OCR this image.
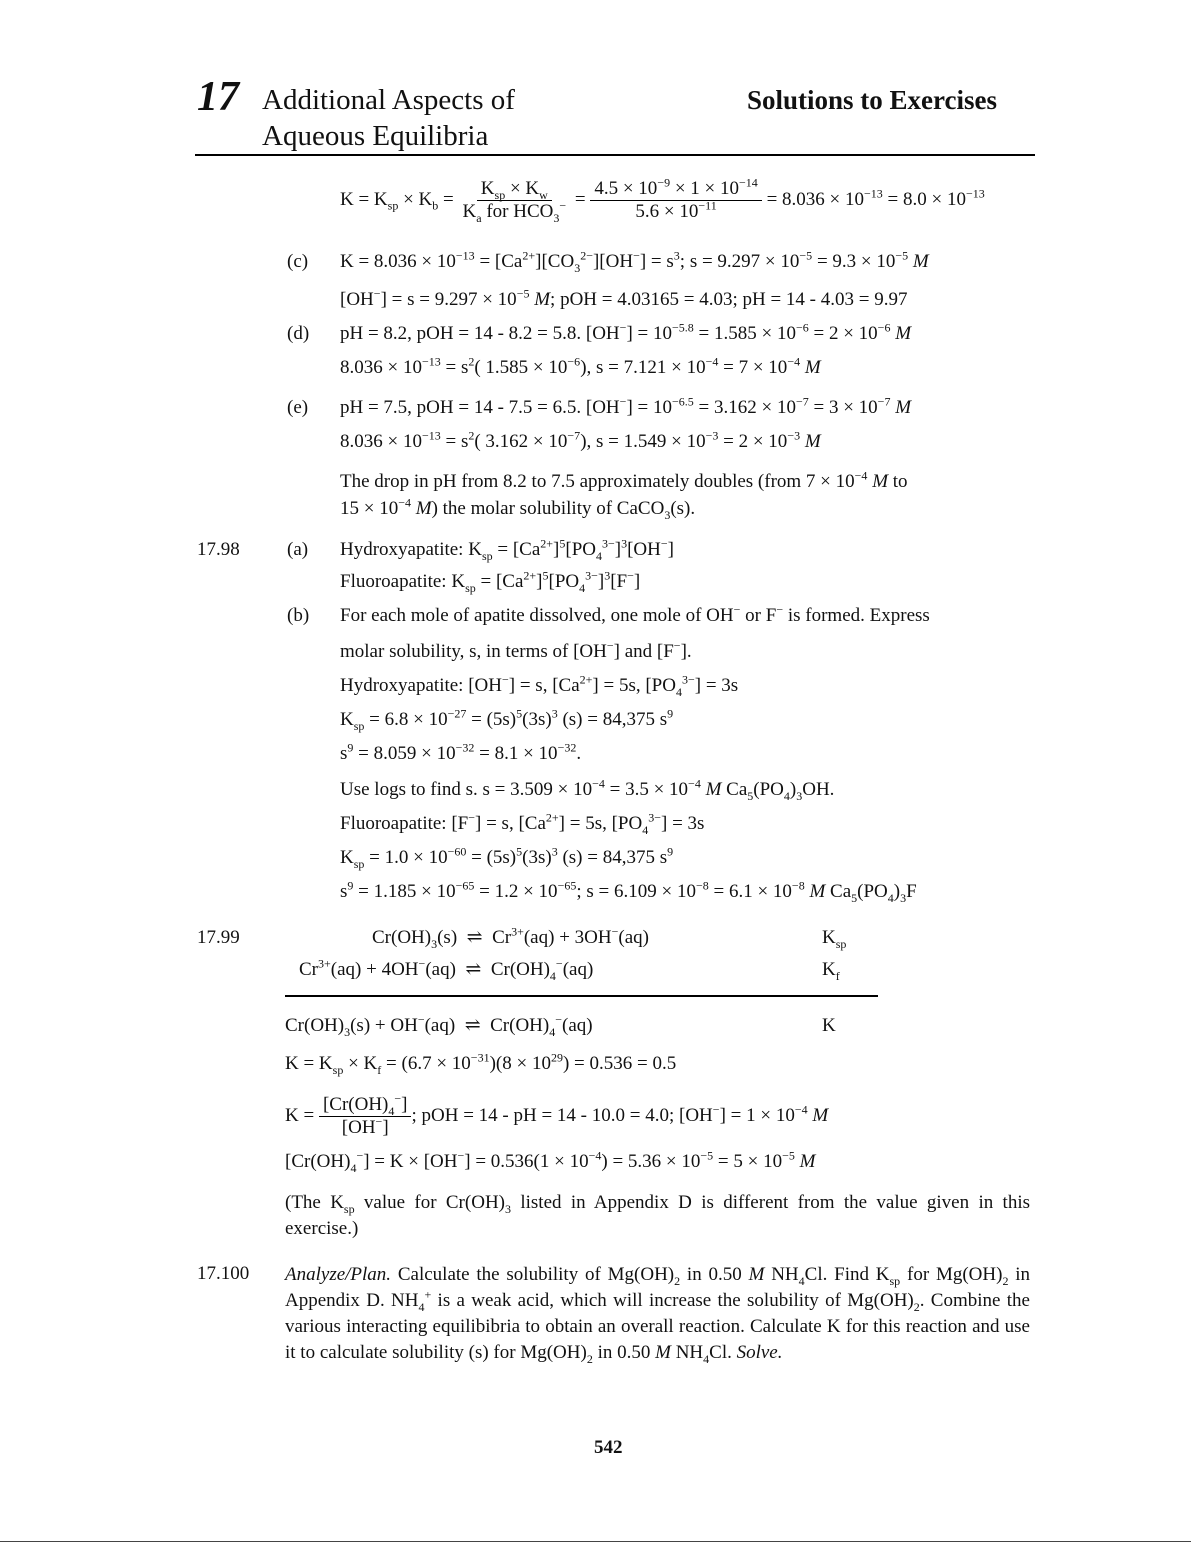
17 Additional Aspects of
Aqueous Equilibria
Solutions to Exercises
$K = K_{sp} \times K_b = \frac{K_{sp} \times K_w}{K_a for HCO_3^-} = \frac{4.5 \times 10^{-9} \times 1 \times 10^{-14}}{5.6 \times 10^{-11}} = 8.036 \times 10^{-13} = 8.0 \times 10^{-13}$
(c) $K = 8.036 \times 10^{-13} = [Ca^{2+}][CO_3^{2-}][OH^-] = s^3$; $s = 9.297 \times 10^{-5} = 9.3 \times 10^{-5}$ M
$[OH^-] = s = 9.297 \times 10^{-5}$ M; pOH = 4.03165 = 4.03; pH = 14 - 4.03 = 9.97
(d) pH = 8.2, pOH = 14 - 8.2 = 5.8. $[OH^-] = 10^{-5.8} = 1.585 \times 10^{-6} = 2 \times 10^{-6}$ M
$8.036 \times 10^{-13} = s^2$( $1.585 \times 10^{-6}$), $s = 7.121 \times 10^{-4} = 7 \times 10^{-4}$ M
(e) pH = 7.5, pOH = 14 - 7.5 = 6.5. $[OH^-] = 10^{-6.5} = 3.162 \times 10^{-7} = 3 \times 10^{-7}$ M
$8.036 \times 10^{-13} = s^2$( $3.162 \times 10^{-7}$), $s = 1.549 \times 10^{-3} = 2 \times 10^{-3}$ M
The drop in pH from 8.2 to 7.5 approximately doubles (from $7 \times 10^{-4}$ M to
$15 \times 10^{-4}$ M) the molar solubility of CaCO$_3$(s).
17.98 (a) Hydroxyapatite: $K_{sp} = [Ca^{2+}]^5[PO_4^{3-}]^3[OH^-]$
Fluoroapatite: $K_{sp} = [Ca^{2+}]^5[PO_4^{3-}]^3[F^-]$
(b) For each mole of apatite dissolved, one mole of OH− or F− is formed. Express
molar solubility, s, in terms of [OH−] and [F−].
Hydroxyapatite: [OH−] = s, $[Ca^{2+}] = 5s$, $[PO_4^{3-}] = 3s$
$K_{sp} = 6.8 \times 10^{-27} = (5s)^5(3s)^3$ (s) = 84,375 $s^9$
$s^9 = 8.059 \times 10^{-32} = 8.1 \times 10^{-32}$.
Use logs to find s. $s = 3.509 \times 10^{-4} = 3.5 \times 10^{-4}$ M $Ca_5(PO_4)_3OH$.
Fluoroapatite: [F−] = s, $[Ca^{2+}] = 5s$, $[PO_4^{3-}] = 3s$
$K_{sp} = 1.0 \times 10^{-60} = (5s)^5(3s)^3$ (s) = 84,375 $s^9$
$s^9 = 1.185 \times 10^{-65} = 1.2 \times 10^{-65}$; $s = 6.109 \times 10^{-8} = 6.1 \times 10^{-8}$ M $Ca_5(PO_4)_3F$
17.99	$Cr(OH)_3(s)$  ⇌  $Cr^{3+}(aq) + 3OH^-(aq)$	$K_{sp}$
$Cr^{3+}(aq) + 4OH^-(aq)$  ⇌  $Cr(OH)_4^-(aq)$	$K_f$
$Cr(OH)_3(s) + OH^-(aq)$  ⇌  $Cr(OH)_4^-(aq)$	K
$K = K_{sp} \times K_f = (6.7 \times 10^{-31})(8 \times 10^{29}) = 0.536 = 0.5$
$K = \frac{[Cr(OH)_4^-]}{[OH^-]}$ ; pOH = 14 - pH = 14 - 10.0 = 4.0; $[OH^-] = 1 \times 10^{-4}$ M
$[Cr(OH)_4^-] = K \times [OH^-] = 0.536(1 \times 10^{-4}) = 5.36 \times 10^{-5} = 5 \times 10^{-5}$ M
(The $K_{sp}$ value for $Cr(OH)_3$ listed in Appendix D is different from the value given in this exercise.)
17.100 Analyze/Plan. Calculate the solubility of $Mg(OH)_2$ in 0.50 M $NH_4Cl$. Find $K_{sp}$ for $Mg(OH)_2$ in Appendix D. $NH_4^+$ is a weak acid, which will increase the solubility of $Mg(OH)_2$. Combine the various interacting equilibibria to obtain an overall reaction. Calculate K for this reaction and use it to calculate solubility (s) for $Mg(OH)_2$ in 0.50 M $NH_4Cl$. Solve.
542
